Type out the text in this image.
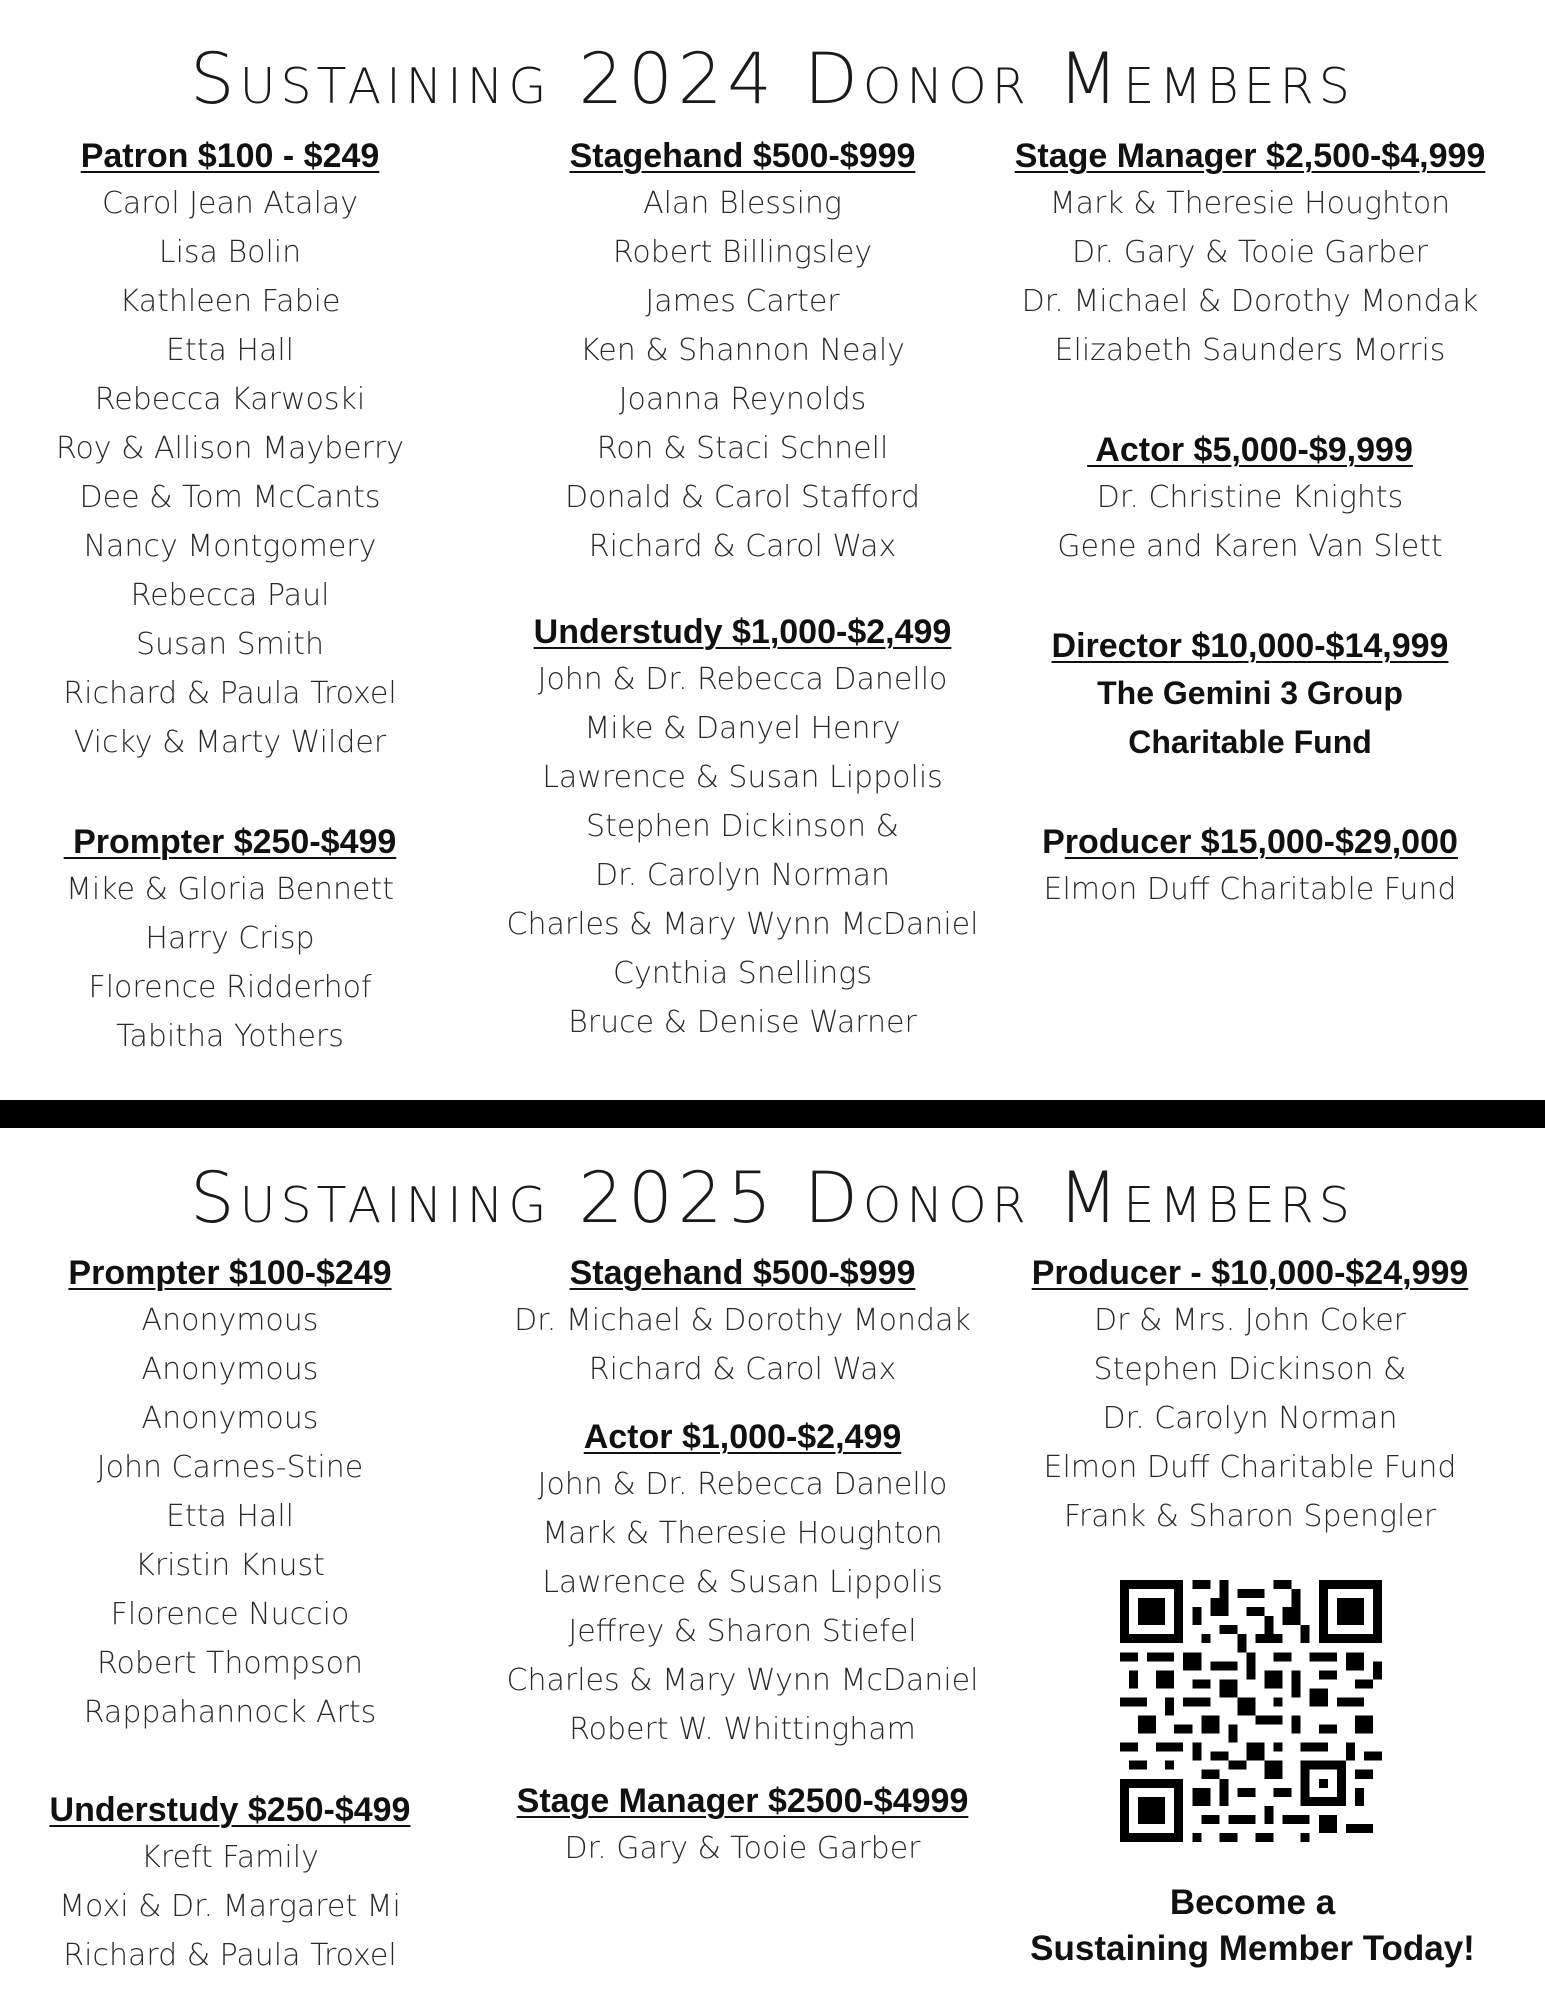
Sustaining 2024 Donor Members
Patron $100 - $249
Carol Jean Atalay
Lisa Bolin
Kathleen Fabie
Etta Hall
Rebecca Karwoski
Roy & Allison Mayberry
Dee & Tom McCants
Nancy Montgomery
Rebecca Paul
Susan Smith
Richard & Paula Troxel
Vicky & Marty Wilder
Prompter $250-$499
Mike & Gloria Bennett
Harry Crisp
Florence Ridderhof
Tabitha Yothers
Stagehand $500-$999
Alan Blessing
Robert Billingsley
James Carter
Ken & Shannon Nealy
Joanna Reynolds
Ron & Staci Schnell
Donald & Carol Stafford
Richard & Carol Wax
Understudy $1,000-$2,499
John & Dr. Rebecca Danello
Mike & Danyel Henry
Lawrence & Susan Lippolis
Stephen Dickinson &
Dr. Carolyn Norman
Charles & Mary Wynn McDaniel
Cynthia Snellings
Bruce & Denise Warner
Stage Manager $2,500-$4,999
Mark & Theresie Houghton
Dr. Gary & Tooie Garber
Dr. Michael & Dorothy Mondak
Elizabeth Saunders Morris
Actor $5,000-$9,999
Dr. Christine Knights
Gene and Karen Van Slett
Director $10,000-$14,999
The Gemini 3 Group
Charitable Fund
Producer $15,000-$29,000
Elmon Duff Charitable Fund
Sustaining 2025 Donor Members
Prompter $100-$249
Anonymous
Anonymous
Anonymous
John Carnes-Stine
Etta Hall
Kristin Knust
Florence Nuccio
Robert Thompson
Rappahannock Arts
Understudy $250-$499
Kreft Family
Moxi & Dr. Margaret Mi
Richard & Paula Troxel
Stagehand $500-$999
Dr. Michael & Dorothy Mondak
Richard & Carol Wax
Actor $1,000-$2,499
John & Dr. Rebecca Danello
Mark & Theresie Houghton
Lawrence & Susan Lippolis
Jeffrey & Sharon Stiefel
Charles & Mary Wynn McDaniel
Robert W. Whittingham
Stage Manager $2500-$4999
Dr. Gary & Tooie Garber
Producer - $10,000-$24,999
Dr & Mrs. John Coker
Stephen Dickinson &
Dr. Carolyn Norman
Elmon Duff Charitable Fund
Frank & Sharon Spengler
Become a
Sustaining Member Today!
